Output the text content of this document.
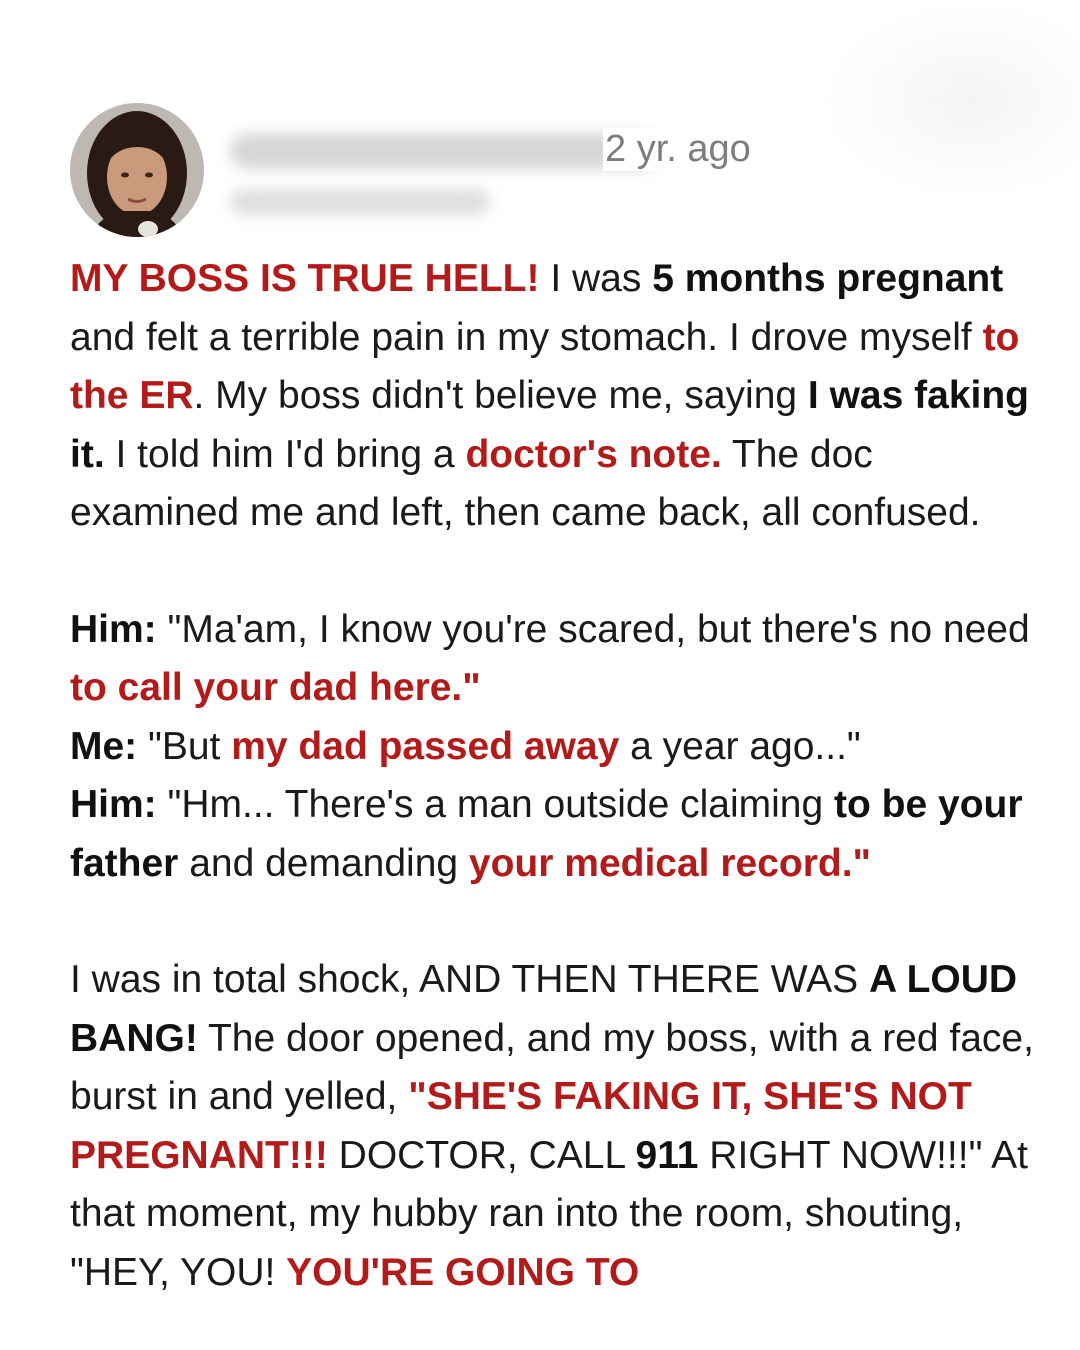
2 yr. ago

MY BOSS IS TRUE HELL! I was 5 months pregnant and felt a terrible pain in my stomach. I drove myself to the ER. My boss didn't believe me, saying I was faking it. I told him I'd bring a doctor's note. The doc examined me and left, then came back, all confused.

Him: "Ma'am, I know you're scared, but there's no need to call your dad here."
Me: "But my dad passed away a year ago..."
Him: "Hm... There's a man outside claiming to be your father and demanding your medical record."

I was in total shock, AND THEN THERE WAS A LOUD BANG! The door opened, and my boss, with a red face, burst in and yelled, "SHE'S FAKING IT, SHE'S NOT PREGNANT!!! DOCTOR, CALL 911 RIGHT NOW!!!" At that moment, my hubby ran into the room, shouting, "HEY, YOU! YOU'RE GOING TO
